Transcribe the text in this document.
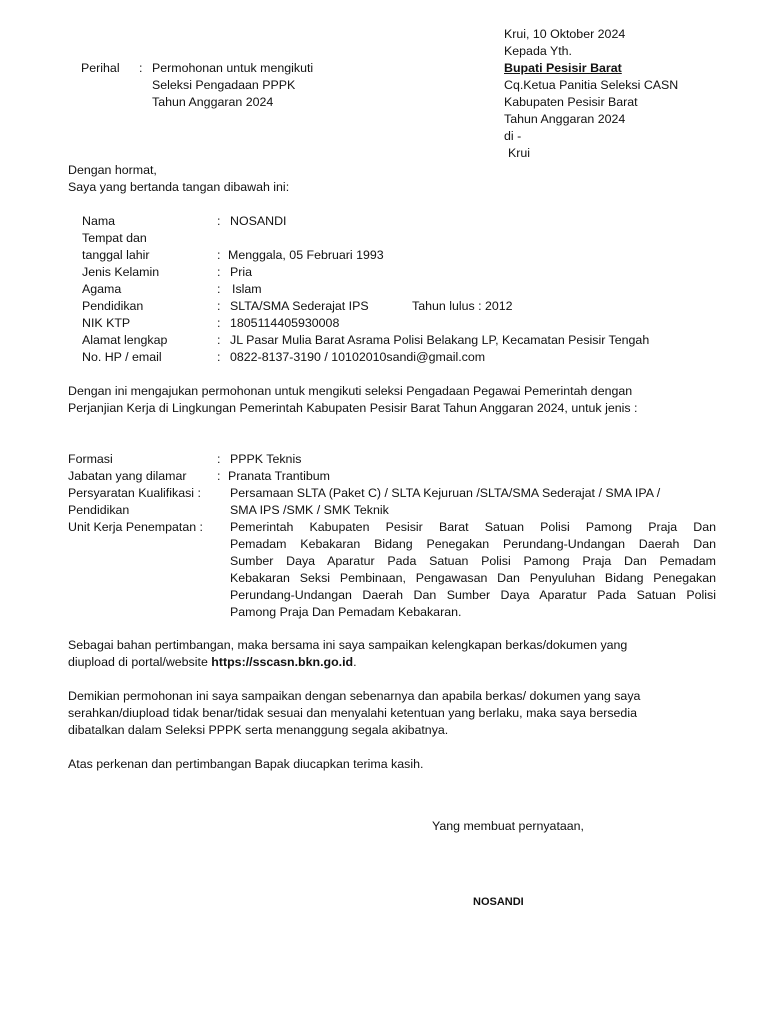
Krui, 10 Oktober 2024
Kepada Yth.
Bupati Pesisir Barat
Cq.Ketua Panitia Seleksi CASN
Kabupaten Pesisir Barat
Tahun Anggaran 2024
di -
Krui
Perihal : Permohonan untuk mengikuti
Seleksi Pengadaan PPPK
Tahun Anggaran 2024
Dengan hormat,
Saya yang bertanda tangan dibawah ini:
Nama	: NOSANDI
Tempat dan
tanggal lahir	: Menggala, 05 Februari 1993
Jenis Kelamin	: Pria
Agama	: Islam
Pendidikan	: SLTA/SMA Sederajat IPS	Tahun lulus : 2012
NIK KTP	: 1805114405930008
Alamat lengkap	: JL Pasar Mulia Barat Asrama Polisi Belakang LP, Kecamatan Pesisir Tengah
No. HP / email	: 0822-8137-3190 / 10102010sandi@gmail.com
Dengan ini mengajukan permohonan untuk mengikuti seleksi Pengadaan Pegawai Pemerintah dengan
Perjanjian Kerja di Lingkungan Pemerintah Kabupaten Pesisir Barat Tahun Anggaran 2024, untuk jenis :
Formasi	: PPPK Teknis
Jabatan yang dilamar : Pranata Trantibum
Persyaratan Kualifikasi :
Pendidikan
Persamaan SLTA (Paket C) / SLTA Kejuruan /SLTA/SMA Sederajat / SMA IPA /
SMA IPS /SMK / SMK Teknik
Unit Kerja Penempatan : Pemerintah Kabupaten Pesisir Barat Satuan Polisi Pamong Praja Dan
Pemadam Kebakaran Bidang Penegakan Perundang-Undangan Daerah Dan
Sumber Daya Aparatur Pada Satuan Polisi Pamong Praja Dan Pemadam
Kebakaran Seksi Pembinaan, Pengawasan Dan Penyuluhan Bidang Penegakan
Perundang-Undangan Daerah Dan Sumber Daya Aparatur Pada Satuan Polisi
Pamong Praja Dan Pemadam Kebakaran.
Sebagai bahan pertimbangan, maka bersama ini saya sampaikan kelengkapan berkas/dokumen yang
diupload di portal/website https://sscasn.bkn.go.id.
Demikian permohonan ini saya sampaikan dengan sebenarnya dan apabila berkas/ dokumen yang saya
serahkan/diupload tidak benar/tidak sesuai dan menyalahi ketentuan yang berlaku, maka saya bersedia
dibatalkan dalam Seleksi PPPK serta menanggung segala akibatnya.
Atas perkenan dan pertimbangan Bapak diucapkan terima kasih.
Yang membuat pernyataan,
NOSANDI
